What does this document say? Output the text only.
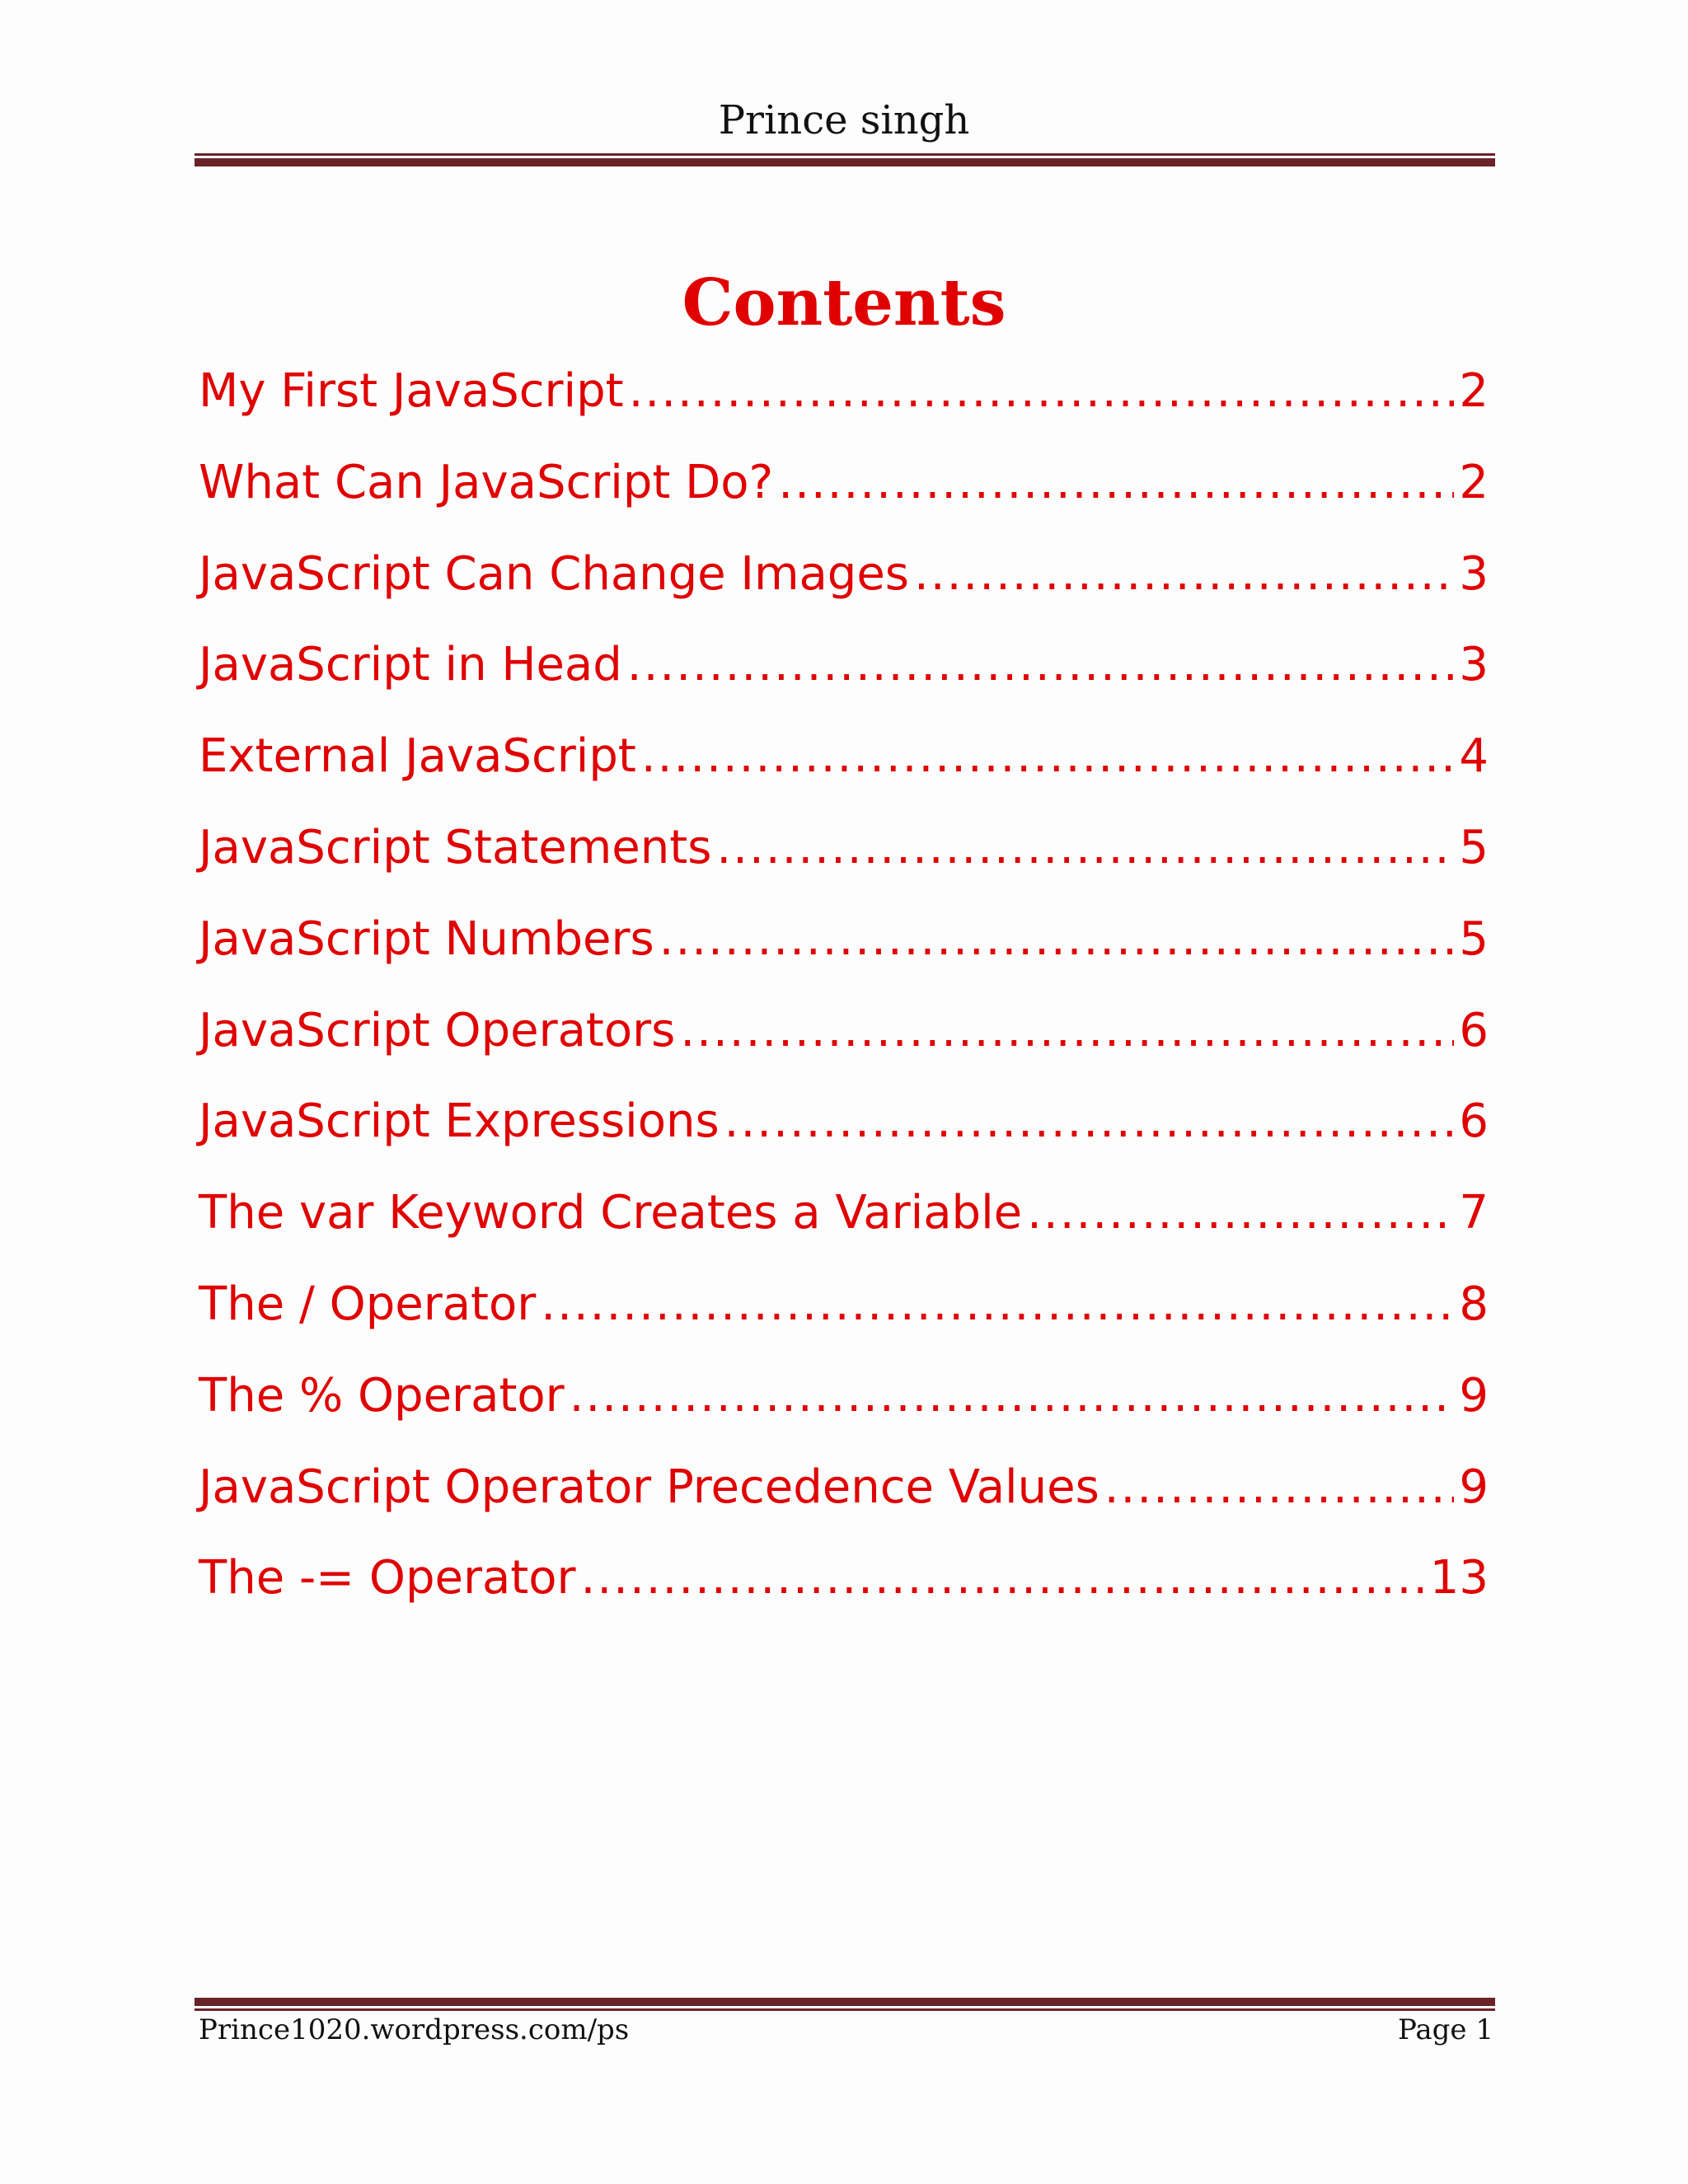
Prince singh
Contents
My First JavaScript .....	2
What Can JavaScript Do? .....	2
JavaScript Can Change Images .....	3
JavaScript in Head .....	3
External JavaScript .....	4
JavaScript Statements .....	5
JavaScript Numbers .....	5
JavaScript Operators .....	6
JavaScript Expressions .....	6
The var Keyword Creates a Variable .....	7
The / Operator .....	8
The % Operator .....	9
JavaScript Operator Precedence Values .....	9
The -= Operator .....	13
Prince1020.wordpress.com/ps	Page 1
